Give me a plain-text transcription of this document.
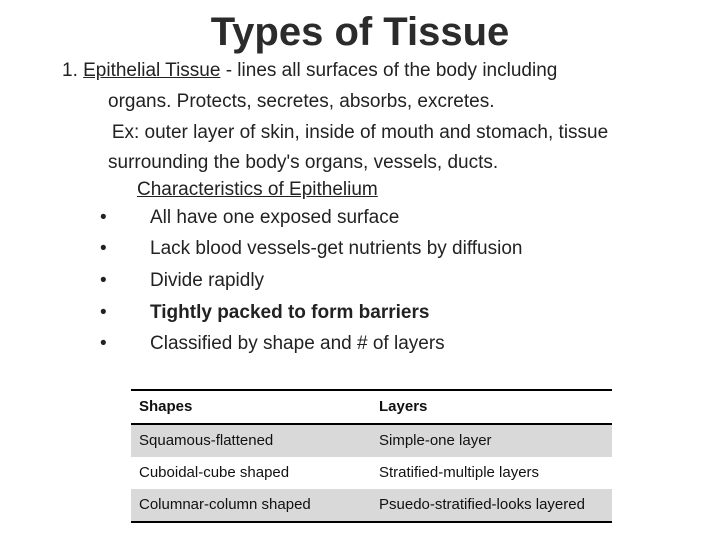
Types of Tissue
1. Epithelial Tissue - lines all surfaces of the body including
organs. Protects, secretes, absorbs, excretes.
Ex: outer layer of skin, inside of mouth and stomach, tissue
surrounding the body's organs, vessels, ducts.
Characteristics of Epithelium
• All have one exposed surface
• Lack blood vessels-get nutrients by diffusion
• Divide rapidly
• Tightly packed to form barriers
• Classified by shape and # of layers
Shapes	Layers
Squamous-flattened	Simple-one layer
Cuboidal-cube shaped	Stratified-multiple layers
Columnar-column shaped	Psuedo-stratified-looks layered
